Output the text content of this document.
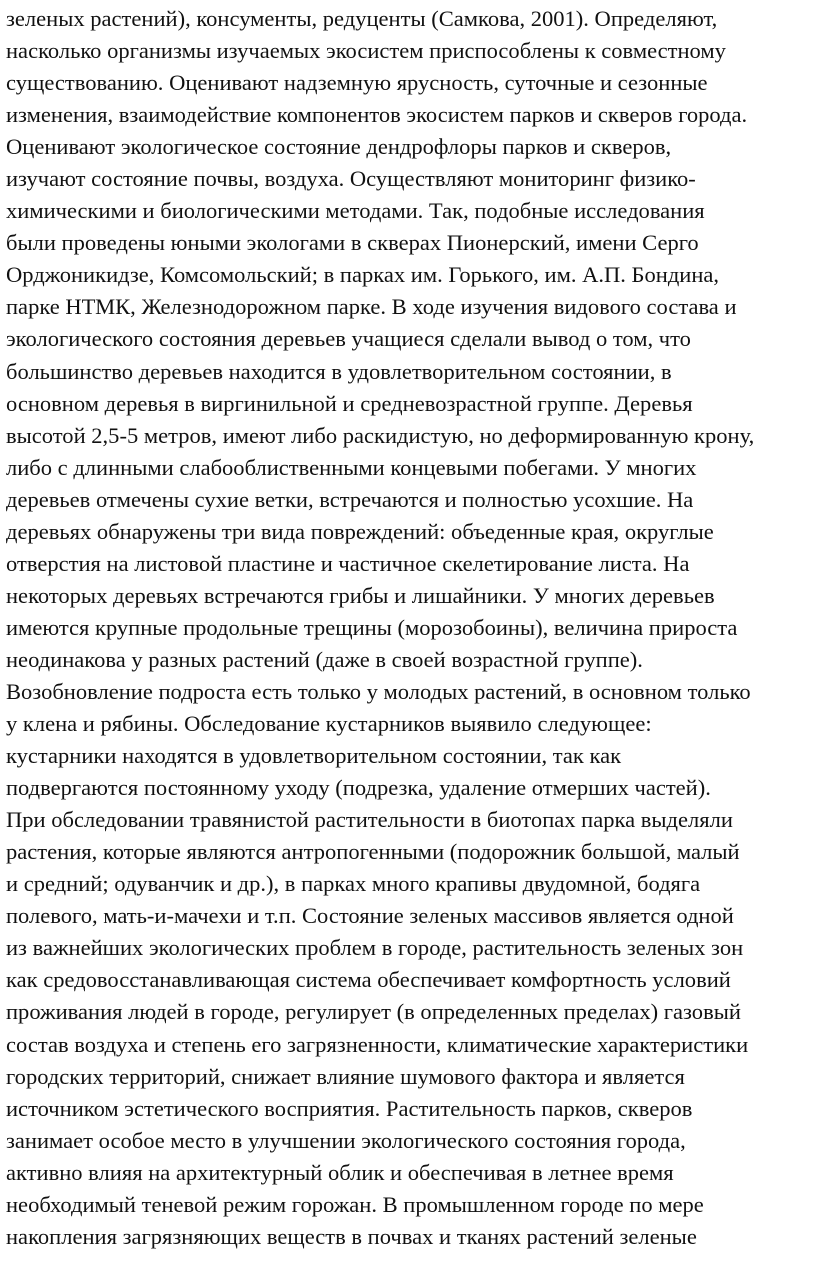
зеленых растений), консументы, редуценты (Самкова, 2001). Определяют,
насколько организмы изучаемых экосистем приспособлены к совместному
существованию. Оценивают надземную ярусность, суточные и сезонные
изменения, взаимодействие компонентов экосистем парков и скверов города.
Оценивают экологическое состояние дендрофлоры парков и скверов,
изучают состояние почвы, воздуха. Осуществляют мониторинг физико-
химическими и биологическими методами. Так, подобные исследования
были проведены юными экологами в скверах Пионерский, имени Серго
Орджоникидзе, Комсомольский; в парках им. Горького, им. А.П. Бондина,
парке НТМК, Железнодорожном парке. В ходе изучения видового состава и
экологического состояния деревьев учащиеся сделали вывод о том, что
большинство деревьев находится в удовлетворительном состоянии, в
основном деревья в виргинильной и средневозрастной группе. Деревья
высотой 2,5-5 метров, имеют либо раскидистую, но деформированную крону,
либо с длинными слабооблиственными концевыми побегами. У многих
деревьев отмечены сухие ветки, встречаются и полностью усохшие. На
деревьях обнаружены три вида повреждений: объеденные края, округлые
отверстия на листовой пластине и частичное скелетирование листа. На
некоторых деревьях встречаются грибы и лишайники. У многих деревьев
имеются крупные продольные трещины (морозобоины), величина прироста
неодинакова у разных растений (даже в своей возрастной группе).
Возобновление подроста есть только у молодых растений, в основном только
у клена и рябины. Обследование кустарников выявило следующее:
кустарники находятся в удовлетворительном состоянии, так как
подвергаются постоянному уходу (подрезка, удаление отмерших частей).
При обследовании травянистой растительности в биотопах парка выделяли
растения, которые являются антропогенными (подорожник большой, малый
и средний; одуванчик и др.), в парках много крапивы двудомной, бодяга
полевого, мать-и-мачехи и т.п. Состояние зеленых массивов является одной
из важнейших экологических проблем в городе, растительность зеленых зон
как средовосстанавливающая система обеспечивает комфортность условий
проживания людей в городе, регулирует (в определенных пределах) газовый
состав воздуха и степень его загрязненности, климатические характеристики
городских территорий, снижает влияние шумового фактора и является
источником эстетического восприятия. Растительность парков, скверов
занимает особое место в улучшении экологического состояния города,
активно влияя на архитектурный облик и обеспечивая в летнее время
необходимый теневой режим горожан. В промышленном городе по мере
накопления загрязняющих веществ в почвах и тканях растений зеленые
